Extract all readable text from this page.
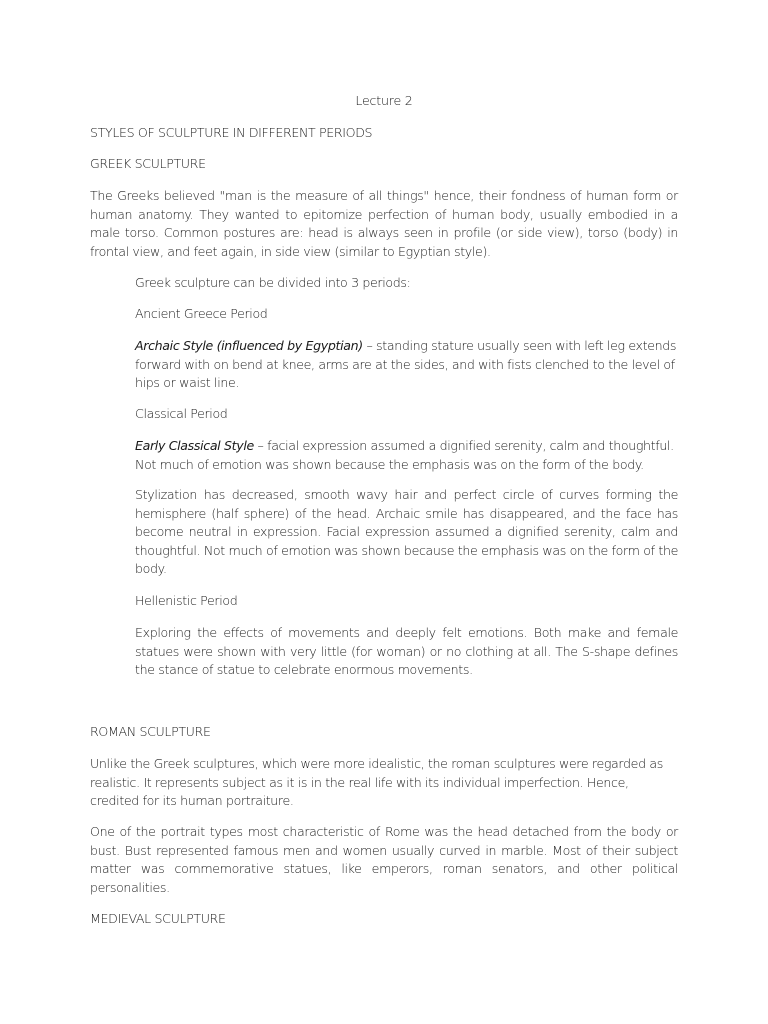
Lecture 2
STYLES OF SCULPTURE IN DIFFERENT PERIODS
GREEK SCULPTURE
The Greeks believed "man is the measure of all things" hence, their fondness of human form or human anatomy. They wanted to epitomize perfection of human body, usually embodied in a male torso. Common postures are: head is always seen in profile (or side view), torso (body) in frontal view, and feet again, in side view (similar to Egyptian style).
Greek sculpture can be divided into 3 periods:
Ancient Greece Period
Archaic Style (influenced by Egyptian) – standing stature usually seen with left leg extends forward with on bend at knee, arms are at the sides, and with fists clenched to the level of hips or waist line.
Classical Period
Early Classical Style – facial expression assumed a dignified serenity, calm and thoughtful. Not much of emotion was shown because the emphasis was on the form of the body.
Stylization has decreased, smooth wavy hair and perfect circle of curves forming the hemisphere (half sphere) of the head. Archaic smile has disappeared, and the face has become neutral in expression. Facial expression assumed a dignified serenity, calm and thoughtful. Not much of emotion was shown because the emphasis was on the form of the body.
Hellenistic Period
Exploring the effects of movements and deeply felt emotions. Both make and female statues were shown with very little (for woman) or no clothing at all. The S-shape defines the stance of statue to celebrate enormous movements.
ROMAN SCULPTURE
Unlike the Greek sculptures, which were more idealistic, the roman sculptures were regarded as realistic. It represents subject as it is in the real life with its individual imperfection. Hence, credited for its human portraiture.
One of the portrait types most characteristic of Rome was the head detached from the body or bust. Bust represented famous men and women usually curved in marble. Most of their subject matter was commemorative statues, like emperors, roman senators, and other political personalities.
MEDIEVAL SCULPTURE
